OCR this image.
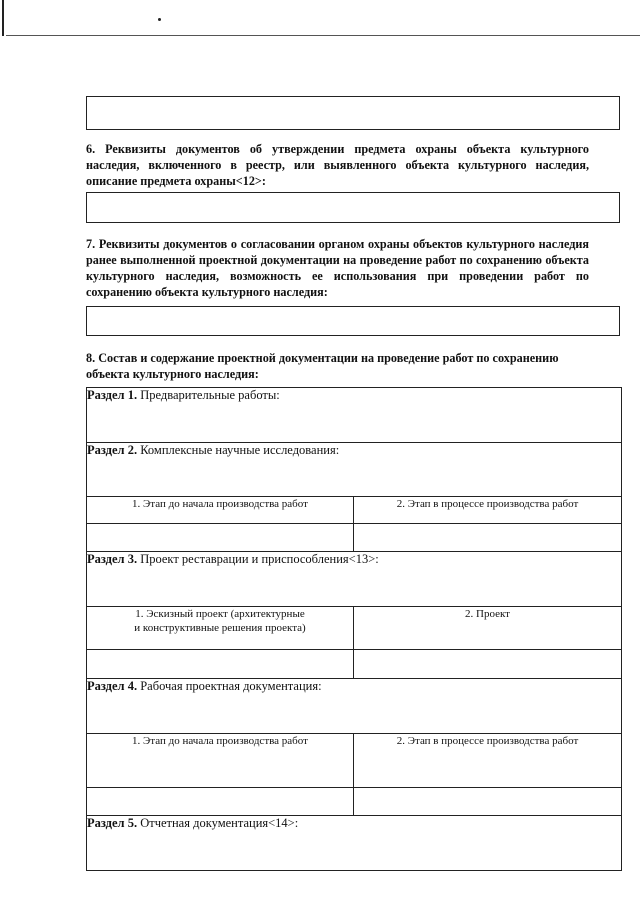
6. Реквизиты документов об утверждении предмета охраны объекта культурного наследия, включенного в реестр, или выявленного объекта культурного наследия, описание предмета охраны<12>:
7. Реквизиты документов о согласовании органом охраны объектов культурного наследия ранее выполненной проектной документации на проведение работ по сохранению объекта культурного наследия, возможность ее использования при проведении работ по сохранению объекта культурного наследия:
8. Состав и содержание проектной документации на проведение работ по сохранению объекта культурного наследия:
Раздел 1. Предварительные работы:	
Раздел 2. Комплексные научные исследования:	
1. Этап до начала производства работ	2. Этап в процессе производства работ

Раздел 3. Проект реставрации и приспособления<13>:	
1. Эскизный проект (архитектурные
и конструктивные решения проекта)	2. Проект

Раздел 4. Рабочая проектная документация:	
1. Этап до начала производства работ	2. Этап в процессе производства работ

Раздел 5. Отчетная документация<14>:	
